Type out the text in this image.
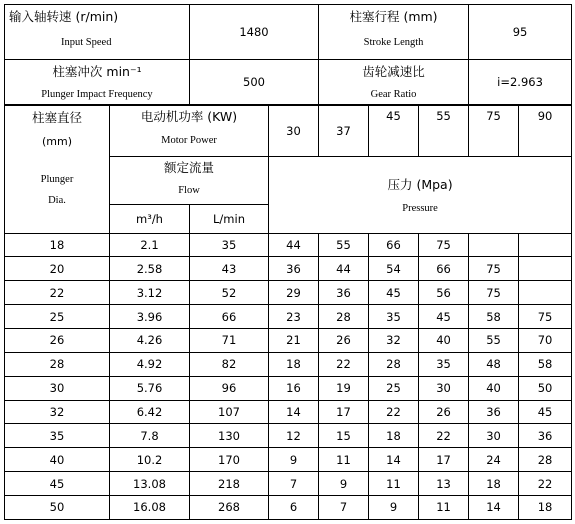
输入轴转速 (r/min)
Input Speed		1480		柱塞行程 (mm)
Stroke Length			95	

柱塞冲次 min⁻¹
Plunger Impact Frequency		500		齿轮减速比
Gear Ratio			i=2.963	

柱塞直径
(mm)
Plunger
Dia.	电动机功率 (KW)
Motor Power		30	37	45	55	75	90

	额定流量
Flow		压力 (Mpa)
Pressure					

	m³/h	L/min						
18	2.1	35	44	55	66	75		
20	2.58	43	36	44	54	66	75	
22	3.12	52	29	36	45	56	75	
25	3.96	66	23	28	35	45	58	75
26	4.26	71	21	26	32	40	55	70
28	4.92	82	18	22	28	35	48	58
30	5.76	96	16	19	25	30	40	50
32	6.42	107	14	17	22	26	36	45
35	7.8	130	12	15	18	22	30	36
40	10.2	170	9	11	14	17	24	28
45	13.08	218	7	9	11	13	18	22
50	16.08	268	6	7	9	11	14	18
